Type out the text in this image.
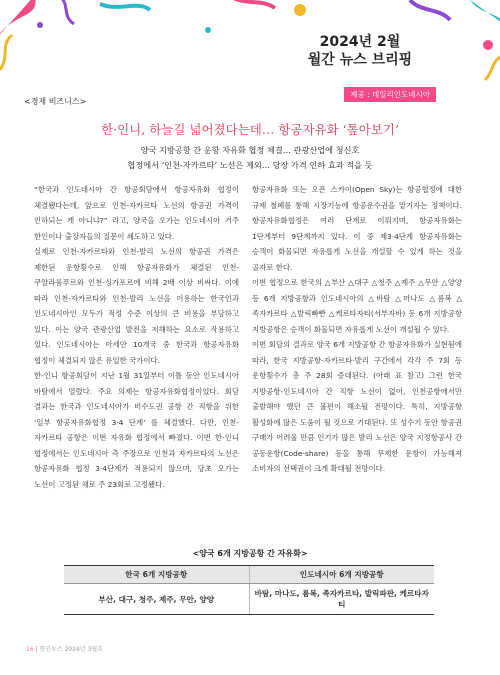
2024년 2월
월간 뉴스 브리핑
제공 : 데일리인도네시아
<경제 비즈니스>
한·인니, 하늘길 넓어졌다는데… 항공자유화 ‘톺아보기’
양국 지방공항 간 운항 자유화 협정 체결… 관광산업에 청신호
협정에서 ‘인천-자카르타’ 노선은 제외… 당장 가격 인하 효과 적을 듯

“한국과 인도네시아 간 항공회담에서 항공자유화 협정이 체결됐다는데, 앞으로 인천-자카르타 노선의 항공권 가격이 인하되는 게 아니냐?” 라고, 양국을 오가는 인도네시아 거주 한인이나 출장자들의 질문이 쇄도하고 있다.

실제로 인천-자카르타와 인천-발리 노선의 항공권 가격은 제한된 운항횟수로 인해 항공자유화가 체결된 인천-쿠알라룸푸르와 인천-싱가포르에 비해 2배 이상 비싸다. 이에 따라 인천-자카르타와 인천-발리 노선을 이용하는 한국인과 인도네시아인 모두가 적정 수준 이상의 큰 비용을 부담하고 있다. 이는 양국 관광산업 발전을 저해하는 요소로 작용하고 있다. 인도네시아는 아세안 10개국 중 한국과 항공자유화 협정이 체결되지 않은 유일한 국가이다.

한-인니 항공회담이 지난 1월 31일부터 이틀 동안 인도네시아 바탐에서 열렸다. 주요 의제는 항공자유화협정이었다. 회담 결과는 한국과 인도네시아가 비수도권 공항 간 직항을 위한 ‘일부 항공자유화협정 3·4 단계’ 를 체결했다. 다만, 인천-자카르타 공항은 이번 자유화 협정에서 빠졌다. 이번 한-인니 협정에서는 인도네시아 측 주장으로 인천과 자카르타의 노선은 항공자유화 협정 3·4단계가 적용되지 않으며, 당초 오가는 노선이 고정된 채로 주 23회로 고정됐다.

항공자유화 또는 오픈 스카이(Open Sky)는 항공협정에 대한 규제 철폐를 통해 시장기능에 항공운수권을 맡기자는 정책이다. 항공자유화협정은 여러 단계로 이뤄지며, 항공자유화는 1단계부터 9단계까지 있다. 이 중 제3·4단계 항공자유화는 승객이 화물되면 자유롭게 노선을 개설할 수 있게 하는 것을 골자로 한다.

이번 협정으로 한국의 △부산 △대구 △청주 △제주 △무안 △양양 등 6개 지방공항과 인도네시아의 △바탐 △마나도 △롬복 △족자카르타 △발릭빠빤 △케르타자티(서부자바) 등 6개 지방공항 지방공항은 승객이 화물되면 자유롭게 노선이 개설될 수 있다.

이번 회담의 결과로 양국 6개 지방공항 간 항공자유화가 실현됨에 따라, 한국 지방공항-자카르타·발리 구간에서 각각 주 7회 등 운항횟수가 총 주 28회 증대된다. (아래 표 참고) 그런 한국 지방공항-인도네시아 간 직항 노선이 없어, 인천공항에서만 출발해야 했던 큰 불편이 해소될 전망이다. 특히, 지방공항 활성화에 많은 도움이 될 것으로 기대된다. 또 성수기 동안 항공권 구매가 어려울 만큼 인기가 많은 발리 노선은 양국 지정항공사 간 공동운항(Code-share) 등을 통해 무제한 운항이 가능해져 소비자의 선택권이 크게 확대될 전망이다.

<양국 6개 지방공항 간 자유화>
한국 6개 지방공항	인도네시아 6개 지방공항
부산, 대구, 청주, 제주, 무안, 양양	바탐, 마나도, 롬복, 족자카르타, 발릭파판, 케르타자티
16 | 한인뉴스 2024년 3월호
